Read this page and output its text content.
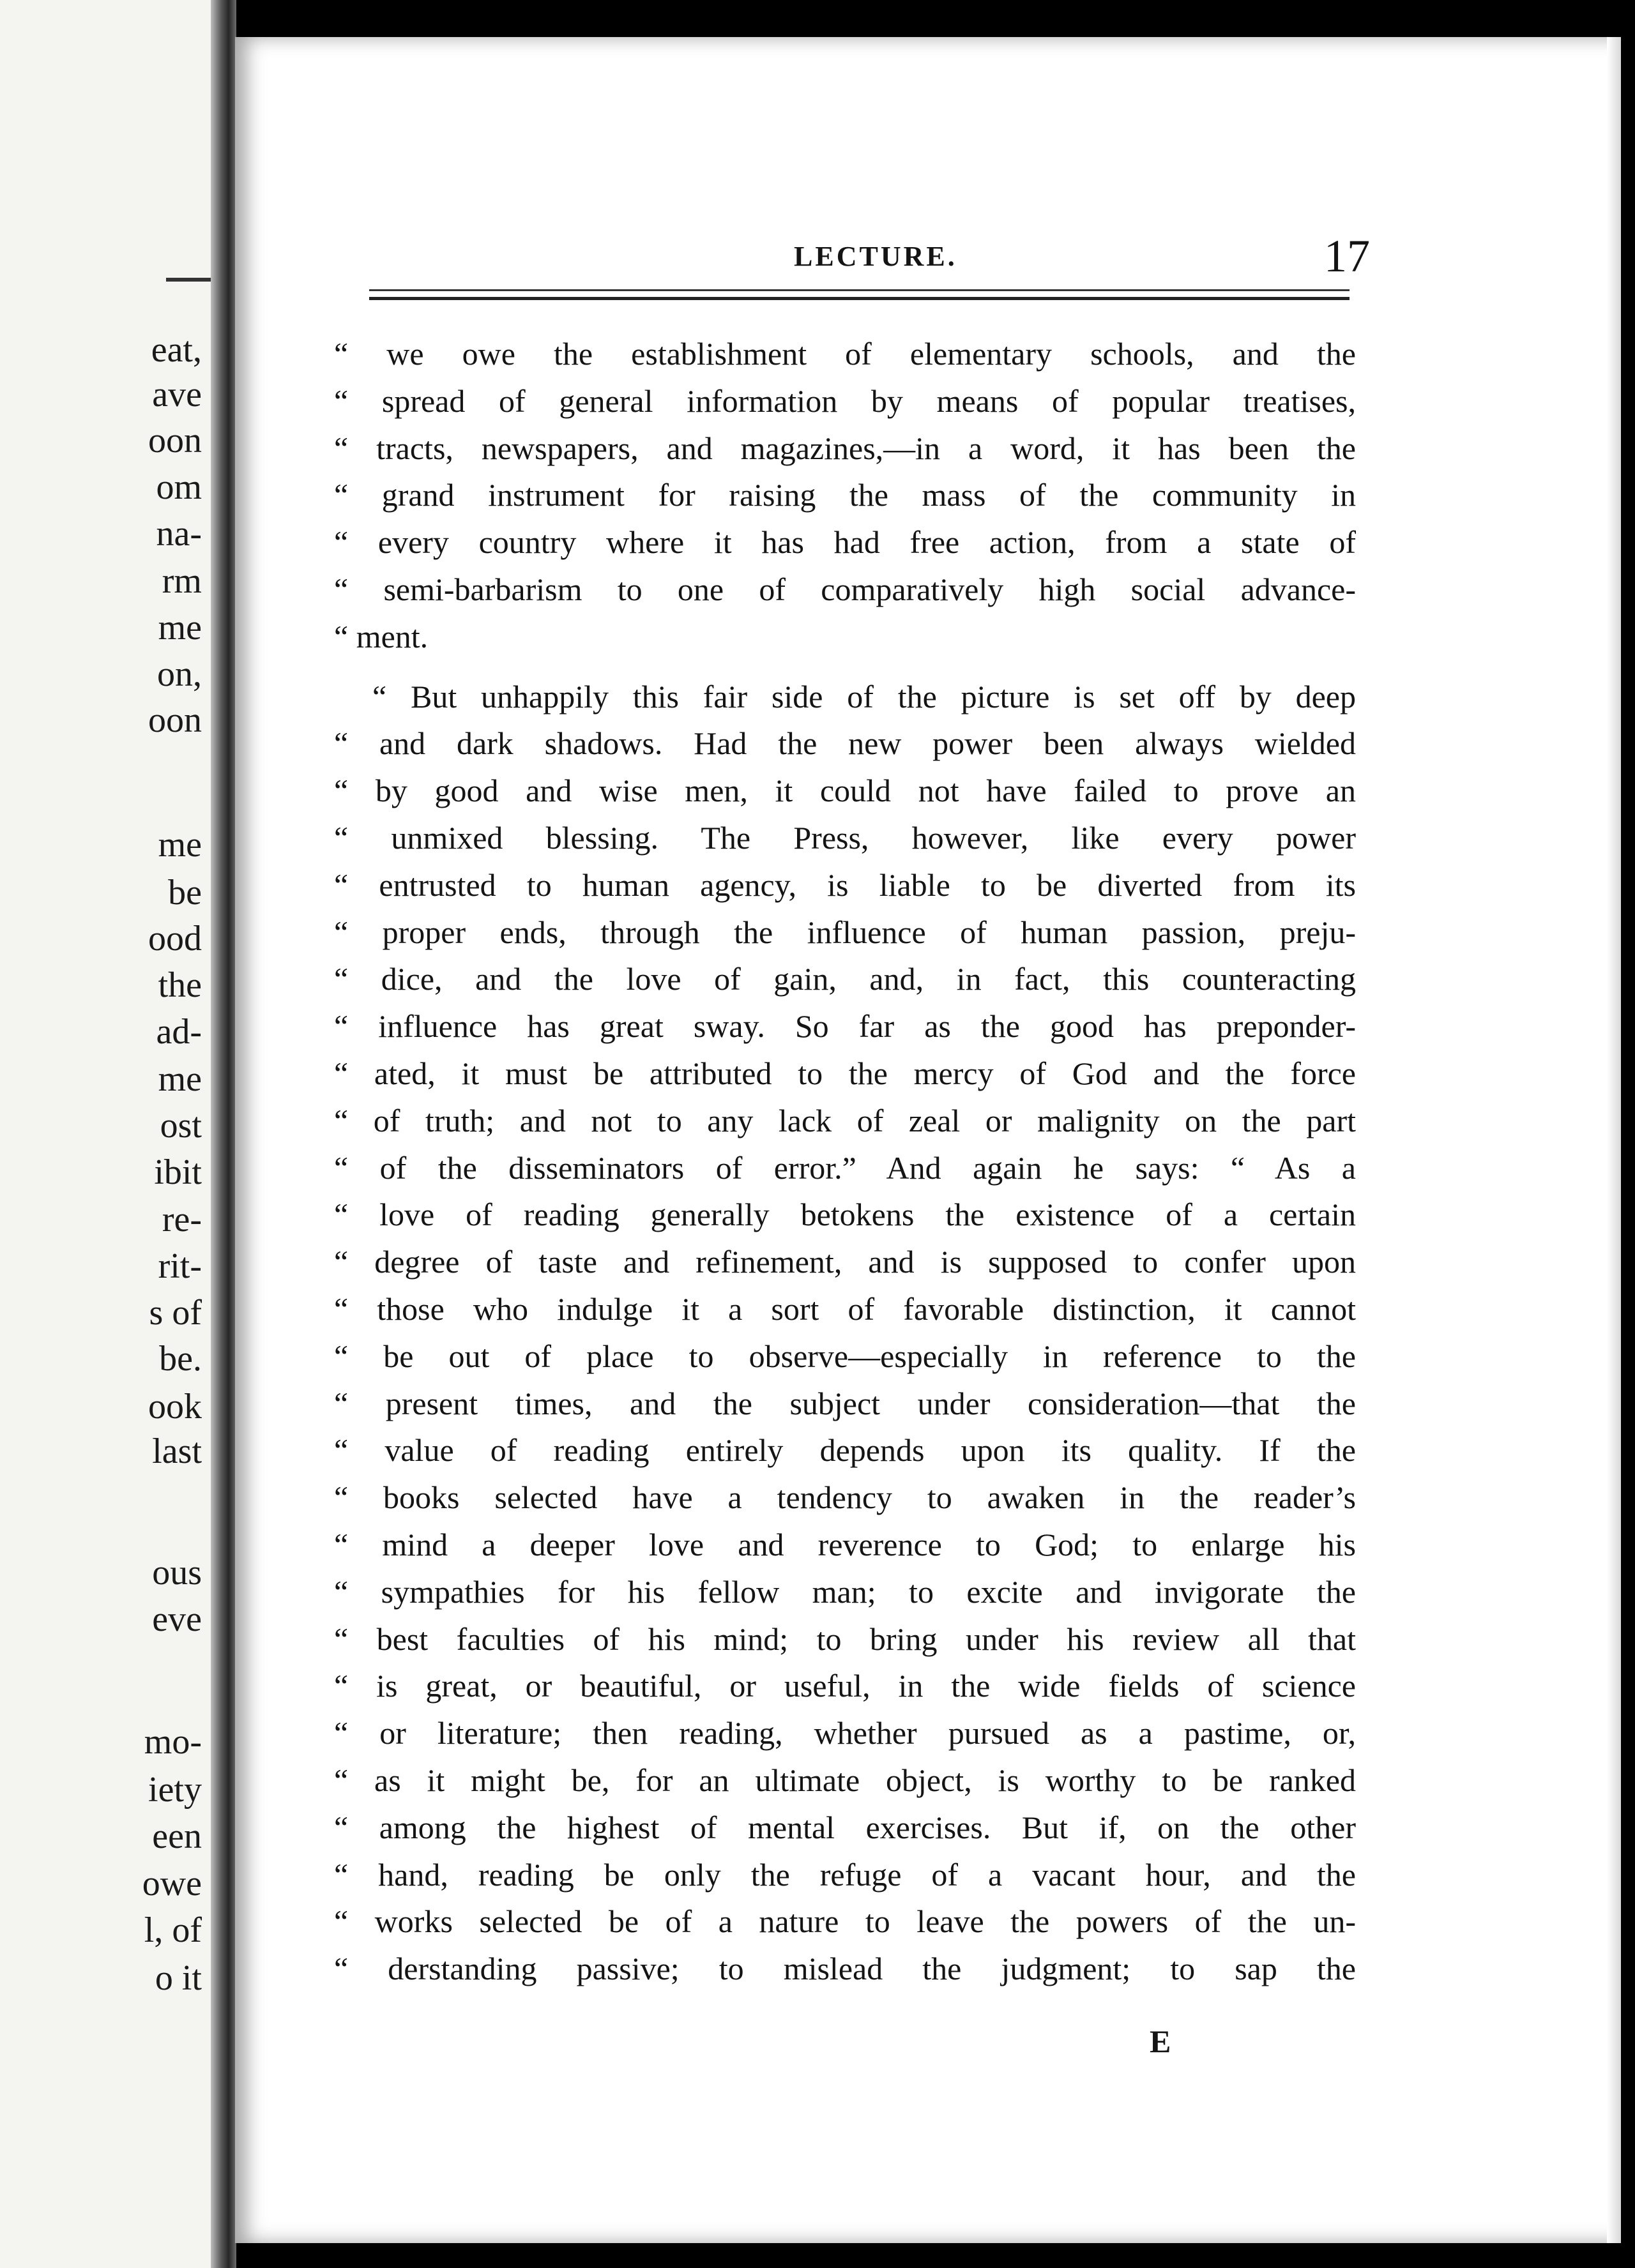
eat,
ave
oon
om
na-
rm
me
on,
oon
me
be
ood
the
ad-
me
ost
ibit
re-
rit-
s of
be.
ook
last
ous
eve
mo-
iety
een
owe
l, of
o it
LECTURE.	17
“ we owe the establishment of elementary schools, and the
“ spread of general information by means of popular treatises,
“ tracts, newspapers, and magazines,—in a word, it has been the
“ grand instrument for raising the mass of the community in
“ every country where it has had free action, from a state of
“ semi-barbarism to one of comparatively high social advance-
“ ment.
“ But unhappily this fair side of the picture is set off by deep
“ and dark shadows. Had the new power been always wielded
“ by good and wise men, it could not have failed to prove an
“ unmixed blessing. The Press, however, like every power
“ entrusted to human agency, is liable to be diverted from its
“ proper ends, through the influence of human passion, preju-
“ dice, and the love of gain, and, in fact, this counteracting
“ influence has great sway. So far as the good has preponder-
“ ated, it must be attributed to the mercy of God and the force
“ of truth; and not to any lack of zeal or malignity on the part
“ of the disseminators of error.” And again he says: “ As a
“ love of reading generally betokens the existence of a certain
“ degree of taste and refinement, and is supposed to confer upon
“ those who indulge it a sort of favorable distinction, it cannot
“ be out of place to observe—especially in reference to the
“ present times, and the subject under consideration—that the
“ value of reading entirely depends upon its quality. If the
“ books selected have a tendency to awaken in the reader’s
“ mind a deeper love and reverence to God; to enlarge his
“ sympathies for his fellow man; to excite and invigorate the
“ best faculties of his mind; to bring under his review all that
“ is great, or beautiful, or useful, in the wide fields of science
“ or literature; then reading, whether pursued as a pastime, or,
“ as it might be, for an ultimate object, is worthy to be ranked
“ among the highest of mental exercises. But if, on the other
“ hand, reading be only the refuge of a vacant hour, and the
“ works selected be of a nature to leave the powers of the un-
“ derstanding passive; to mislead the judgment; to sap the
E
